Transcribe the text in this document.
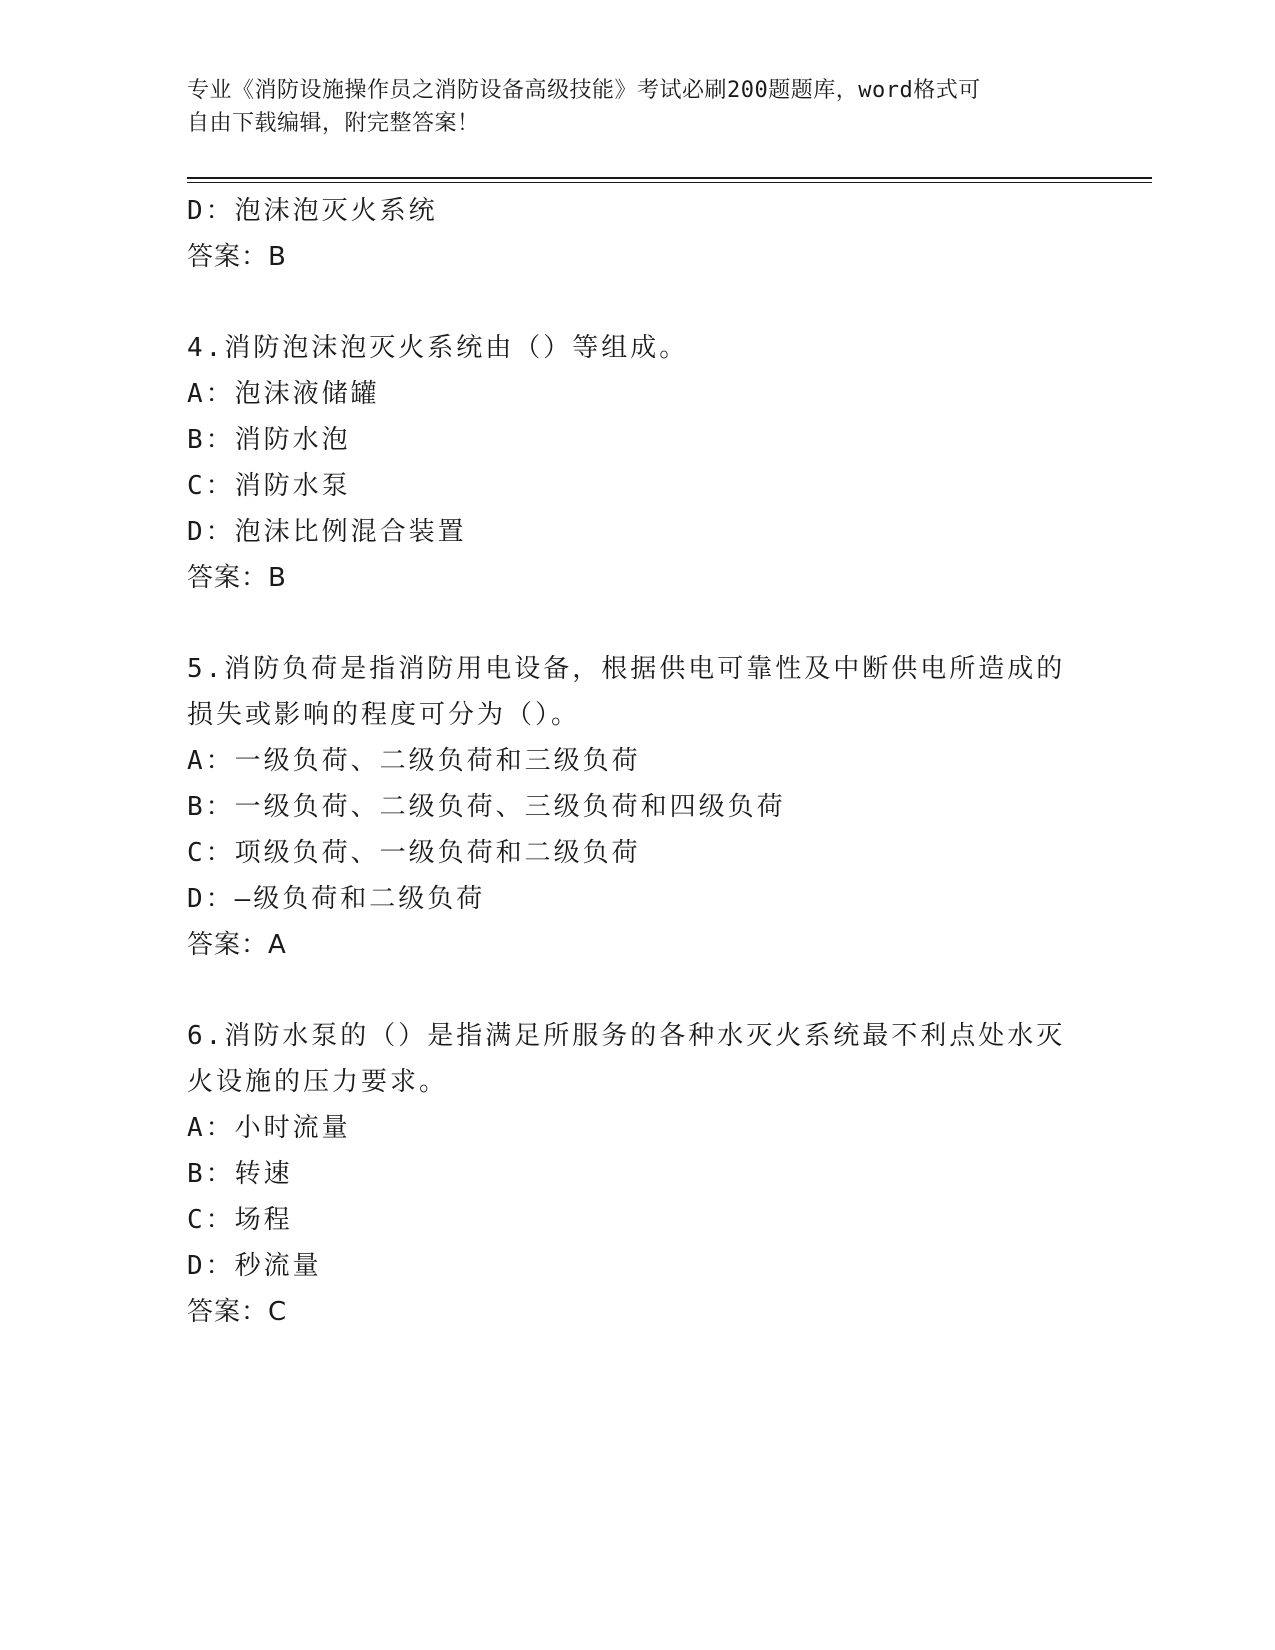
专业《消防设施操作员之消防设备高级技能》考试必刷200题题库，word格式可
自由下载编辑，附完整答案！
D：泡沫泡灭火系统
答案：B
4.消防泡沫泡灭火系统由（）等组成。
A：泡沫液储罐
B：消防水泡
C：消防水泵
D：泡沫比例混合装置
答案：B
5.消防负荷是指消防用电设备，根据供电可靠性及中断供电所造成的
损失或影响的程度可分为（）。
A：一级负荷、二级负荷和三级负荷
B：一级负荷、二级负荷、三级负荷和四级负荷
C：项级负荷、一级负荷和二级负荷
D：—级负荷和二级负荷
答案：A
6.消防水泵的（）是指满足所服务的各种水灭火系统最不利点处水灭
火设施的压力要求。
A：小时流量
B：转速
C：场程
D：秒流量
答案：C
